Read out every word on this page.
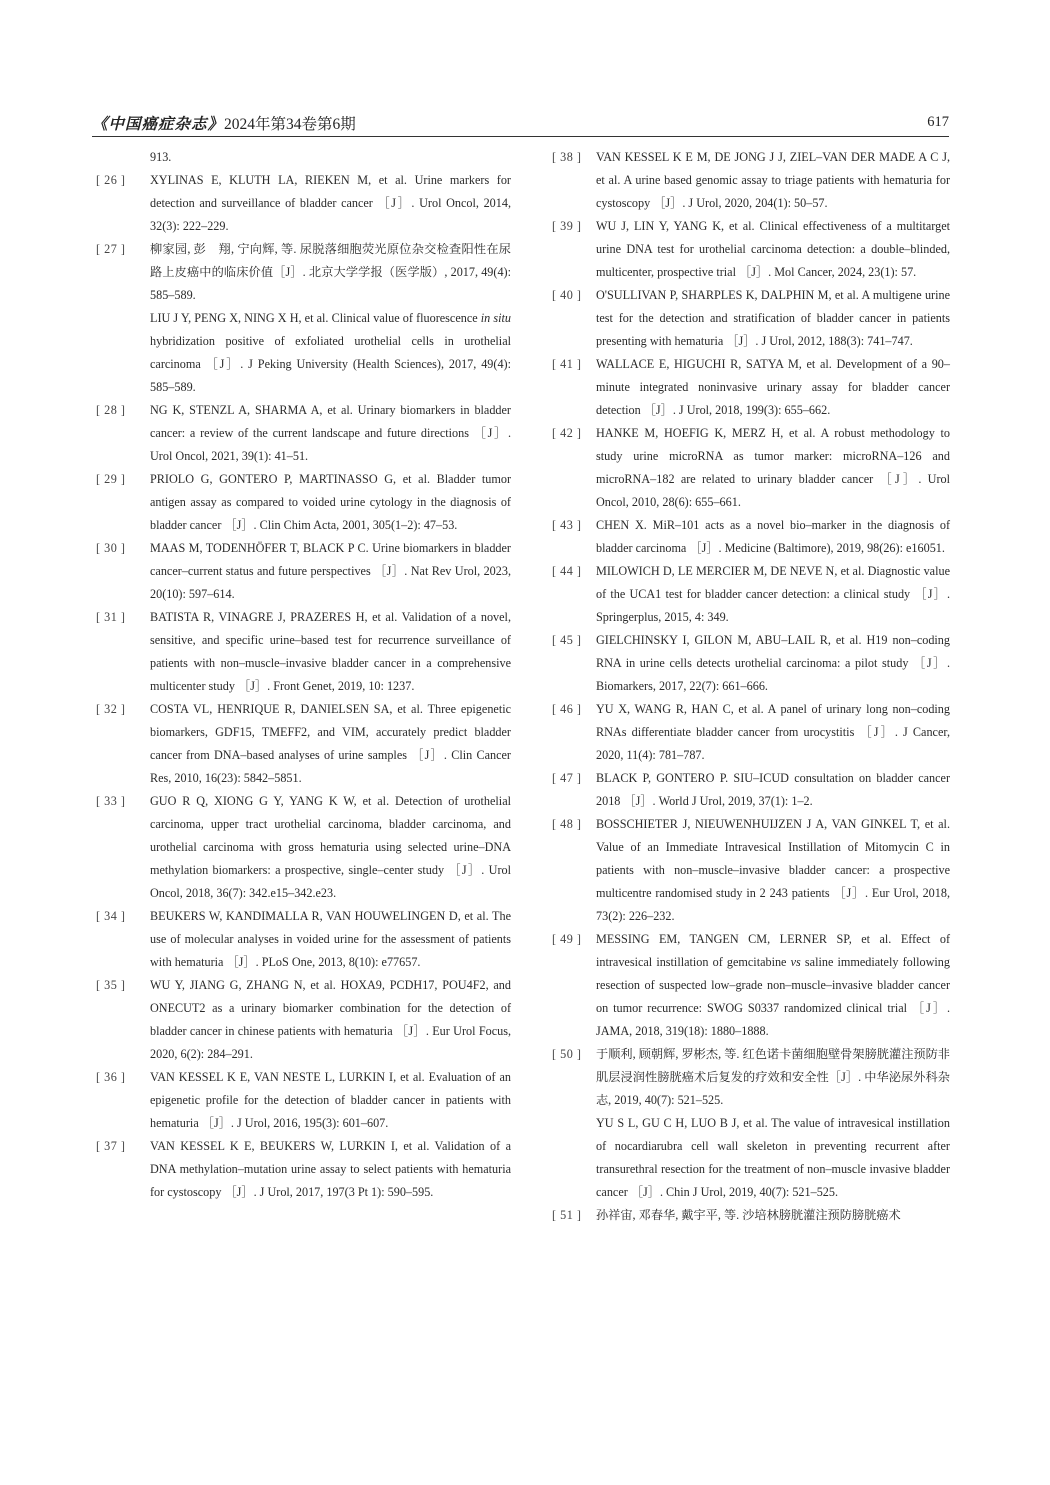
《中国癌症杂志》2024年第34卷第6期	617
913.
[ 26 ] XYLINAS E, KLUTH LA, RIEKEN M, et al. Urine markers for detection and surveillance of bladder cancer ［J］. Urol Oncol, 2014, 32(3): 222–229.
[ 27 ] 柳家园, 彭　翔, 宁向辉, 等. 尿脱落细胞荧光原位杂交检查阳性在尿路上皮癌中的临床价值［J］. 北京大学学报（医学版）, 2017, 49(4): 585–589.
LIU J Y, PENG X, NING X H, et al. Clinical value of fluorescence in situ hybridization positive of exfoliated urothelial cells in urothelial carcinoma ［J］. J Peking University (Health Sciences), 2017, 49(4): 585–589.
[ 28 ] NG K, STENZL A, SHARMA A, et al. Urinary biomarkers in bladder cancer: a review of the current landscape and future directions ［J］. Urol Oncol, 2021, 39(1): 41–51.
[ 29 ] PRIOLO G, GONTERO P, MARTINASSO G, et al. Bladder tumor antigen assay as compared to voided urine cytology in the diagnosis of bladder cancer ［J］. Clin Chim Acta, 2001, 305(1–2): 47–53.
[ 30 ] MAAS M, TODENHÖFER T, BLACK P C. Urine biomarkers in bladder cancer–current status and future perspectives ［J］. Nat Rev Urol, 2023, 20(10): 597–614.
[ 31 ] BATISTA R, VINAGRE J, PRAZERES H, et al. Validation of a novel, sensitive, and specific urine–based test for recurrence surveillance of patients with non–muscle–invasive bladder cancer in a comprehensive multicenter study ［J］. Front Genet, 2019, 10: 1237.
[ 32 ] COSTA VL, HENRIQUE R, DANIELSEN SA, et al. Three epigenetic biomarkers, GDF15, TMEFF2, and VIM, accurately predict bladder cancer from DNA–based analyses of urine samples ［J］. Clin Cancer Res, 2010, 16(23): 5842–5851.
[ 33 ] GUO R Q, XIONG G Y, YANG K W, et al. Detection of urothelial carcinoma, upper tract urothelial carcinoma, bladder carcinoma, and urothelial carcinoma with gross hematuria using selected urine–DNA methylation biomarkers: a prospective, single–center study ［J］. Urol Oncol, 2018, 36(7): 342.e15–342.e23.
[ 34 ] BEUKERS W, KANDIMALLA R, VAN HOUWELINGEN D, et al. The use of molecular analyses in voided urine for the assessment of patients with hematuria ［J］. PLoS One, 2013, 8(10): e77657.
[ 35 ] WU Y, JIANG G, ZHANG N, et al. HOXA9, PCDH17, POU4F2, and ONECUT2 as a urinary biomarker combination for the detection of bladder cancer in chinese patients with hematuria ［J］. Eur Urol Focus, 2020, 6(2): 284–291.
[ 36 ] VAN KESSEL K E, VAN NESTE L, LURKIN I, et al. Evaluation of an epigenetic profile for the detection of bladder cancer in patients with hematuria ［J］. J Urol, 2016, 195(3): 601–607.
[ 37 ] VAN KESSEL K E, BEUKERS W, LURKIN I, et al. Validation of a DNA methylation–mutation urine assay to select patients with hematuria for cystoscopy ［J］. J Urol, 2017, 197(3 Pt 1): 590–595.
[ 38 ] VAN KESSEL K E M, DE JONG J J, ZIEL–VAN DER MADE A C J, et al. A urine based genomic assay to triage patients with hematuria for cystoscopy ［J］. J Urol, 2020, 204(1): 50–57.
[ 39 ] WU J, LIN Y, YANG K, et al. Clinical effectiveness of a multitarget urine DNA test for urothelial carcinoma detection: a double–blinded, multicenter, prospective trial ［J］. Mol Cancer, 2024, 23(1): 57.
[ 40 ] O'SULLIVAN P, SHARPLES K, DALPHIN M, et al. A multigene urine test for the detection and stratification of bladder cancer in patients presenting with hematuria ［J］. J Urol, 2012, 188(3): 741–747.
[ 41 ] WALLACE E, HIGUCHI R, SATYA M, et al. Development of a 90–minute integrated noninvasive urinary assay for bladder cancer detection ［J］. J Urol, 2018, 199(3): 655–662.
[ 42 ] HANKE M, HOEFIG K, MERZ H, et al. A robust methodology to study urine microRNA as tumor marker: microRNA–126 and microRNA–182 are related to urinary bladder cancer ［J］. Urol Oncol, 2010, 28(6): 655–661.
[ 43 ] CHEN X. MiR–101 acts as a novel bio–marker in the diagnosis of bladder carcinoma ［J］. Medicine (Baltimore), 2019, 98(26): e16051.
[ 44 ] MILOWICH D, LE MERCIER M, DE NEVE N, et al. Diagnostic value of the UCA1 test for bladder cancer detection: a clinical study ［J］. Springerplus, 2015, 4: 349.
[ 45 ] GIELCHINSKY I, GILON M, ABU–LAIL R, et al. H19 non–coding RNA in urine cells detects urothelial carcinoma: a pilot study ［J］. Biomarkers, 2017, 22(7): 661–666.
[ 46 ] YU X, WANG R, HAN C, et al. A panel of urinary long non–coding RNAs differentiate bladder cancer from urocystitis ［J］. J Cancer, 2020, 11(4): 781–787.
[ 47 ] BLACK P, GONTERO P. SIU–ICUD consultation on bladder cancer 2018 ［J］. World J Urol, 2019, 37(1): 1–2.
[ 48 ] BOSSCHIETER J, NIEUWENHUIJZEN J A, VAN GINKEL T, et al. Value of an Immediate Intravesical Instillation of Mitomycin C in patients with non–muscle–invasive bladder cancer: a prospective multicentre randomised study in 2 243 patients ［J］. Eur Urol, 2018, 73(2): 226–232.
[ 49 ] MESSING EM, TANGEN CM, LERNER SP, et al. Effect of intravesical instillation of gemcitabine vs saline immediately following resection of suspected low–grade non–muscle–invasive bladder cancer on tumor recurrence: SWOG S0337 randomized clinical trial ［J］. JAMA, 2018, 319(18): 1880–1888.
[ 50 ] 于顺利, 顾朝辉, 罗彬杰, 等. 红色诺卡菌细胞壁骨架膀胱灌注预防非肌层浸润性膀胱癌术后复发的疗效和安全性［J］. 中华泌尿外科杂志, 2019, 40(7): 521–525.
YU S L, GU C H, LUO B J, et al. The value of intravesical instillation of nocardiarubra cell wall skeleton in preventing recurrent after transurethral resection for the treatment of non–muscle invasive bladder cancer ［J］. Chin J Urol, 2019, 40(7): 521–525.
[ 51 ] 孙祥宙, 邓春华, 戴宇平, 等. 沙培林膀胱灌注预防膀胱癌术
